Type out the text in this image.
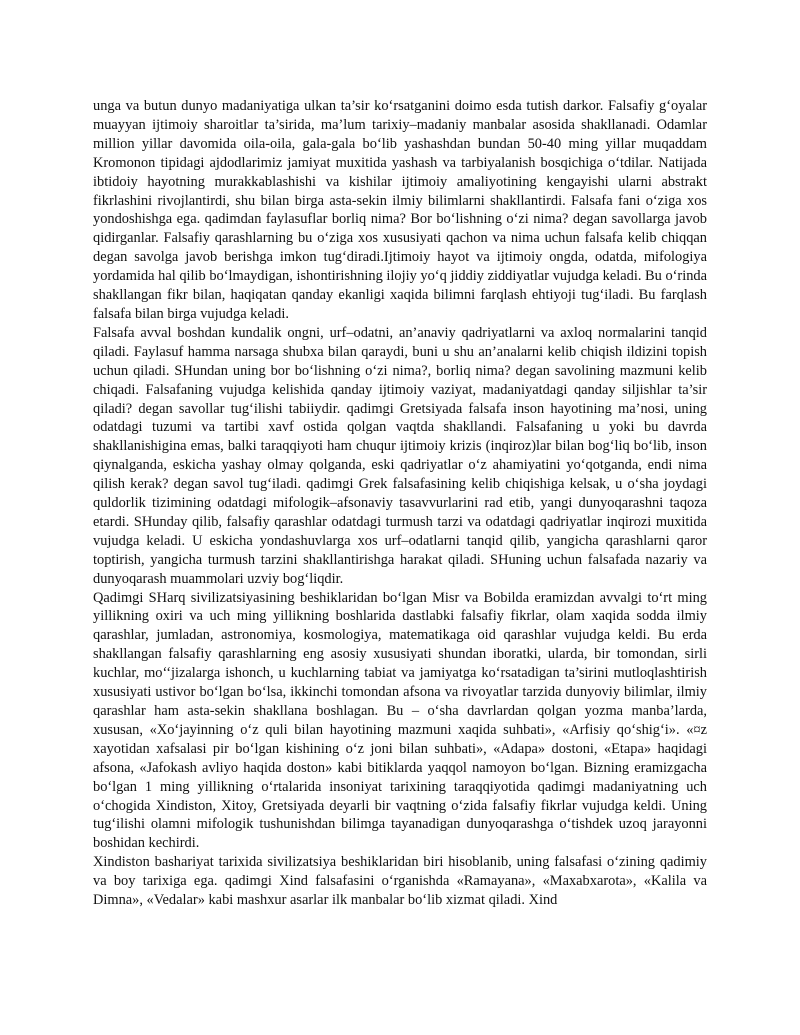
unga va butun dunyo madaniyatiga ulkan ta’sir ko‘rsatganini doimo esda tutish darkor. Falsafiy g‘oyalar muayyan ijtimoiy sharoitlar ta’sirida, ma’lum tarixiy–madaniy manbalar asosida shakllanadi. Odamlar million yillar davomida oila-oila, gala-gala bo‘lib yashashdan bundan 50-40 ming yillar muqaddam Kromonon tipidagi ajdodlarimiz jamiyat muxitida yashash va tarbiyalanish bosqichiga o‘tdilar. Natijada ibtidoiy hayotning murakkablashishi va kishilar ijtimoiy amaliyotining kengayishi ularni abstrakt fikrlashini rivojlantirdi, shu bilan birga asta-sekin ilmiy bilimlarni shakllantirdi. Falsafa fani o‘ziga xos yondoshishga ega. qadimdan faylasuflar borliq nima? Bor bo‘lishning o‘zi nima? degan savollarga javob qidirganlar. Falsafiy qarashlarning bu o‘ziga xos xususiyati qachon va nima uchun falsafa kelib chiqqan degan savolga javob berishga imkon tug‘diradi.Ijtimoiy hayot va ijtimoiy ongda, odatda, mifologiya yordamida hal qilib bo‘lmaydigan, ishontirishning ilojiy yo‘q jiddiy ziddiyatlar vujudga keladi. Bu o‘rinda shakllangan fikr bilan, haqiqatan qanday ekanligi xaqida bilimni farqlash ehtiyoji tug‘iladi. Bu farqlash falsafa bilan birga vujudga keladi.

Falsafa avval boshdan kundalik ongni, urf–odatni, an’anaviy qadriyatlarni va axloq normalarini tanqid qiladi. Faylasuf hamma narsaga shubxa bilan qaraydi, buni u shu an’analarni kelib chiqish ildizini topish uchun qiladi. SHundan uning bor bo‘lishning o‘zi nima?, borliq nima? degan savolining mazmuni kelib chiqadi. Falsafaning vujudga kelishida qanday ijtimoiy vaziyat, madaniyatdagi qanday siljishlar ta’sir qiladi? degan savollar tug‘ilishi tabiiydir. qadimgi Gretsiyada falsafa inson hayotining ma’nosi, uning odatdagi tuzumi va tartibi xavf ostida qolgan vaqtda shakllandi. Falsafaning u yoki bu davrda shakllanishigina emas, balki taraqqiyoti ham chuqur ijtimoiy krizis (inqiroz)lar bilan bog‘liq bo‘lib, inson qiynalganda, eskicha yashay olmay qolganda, eski qadriyatlar o‘z ahamiyatini yo‘qotganda, endi nima qilish kerak? degan savol tug‘iladi. qadimgi Grek falsafasining kelib chiqishiga kelsak, u o‘sha joydagi quldorlik tizimining odatdagi mifologik–afsonaviy tasavvurlarini rad etib, yangi dunyoqarashni taqoza etardi. SHunday qilib, falsafiy qarashlar odatdagi turmush tarzi va odatdagi qadriyatlar inqirozi muxitida vujudga keladi. U eskicha yondashuvlarga xos urf–odatlarni tanqid qilib, yangicha qarashlarni qaror toptirish, yangicha turmush tarzini shakllantirishga harakat qiladi. SHuning uchun falsafada nazariy va dunyoqarash muammolari uzviy bog‘liqdir.

Qadimgi SHarq sivilizatsiyasining beshiklaridan bo‘lgan Misr va Bobilda eramizdan avvalgi to‘rt ming yillikning oxiri va uch ming yillikning boshlarida dastlabki falsafiy fikrlar, olam xaqida sodda ilmiy qarashlar, jumladan, astronomiya, kosmologiya, matematikaga oid qarashlar vujudga keldi. Bu erda shakllangan falsafiy qarashlarning eng asosiy xususiyati shundan iboratki, ularda, bir tomondan, sirli kuchlar, mo‘‘jizalarga ishonch, u kuchlarning tabiat va jamiyatga ko‘rsatadigan ta’sirini mutloqlashtirish xususiyati ustivor bo‘lgan bo‘lsa, ikkinchi tomondan afsona va rivoyatlar tarzida dunyoviy bilimlar, ilmiy qarashlar ham asta-sekin shakllana boshlagan. Bu – o‘sha davrlardan qolgan yozma manba’larda, xususan, «Xo‘jayinning o‘z quli bilan hayotining mazmuni xaqida suhbati», «Arfisiy qo‘shig‘i». «¤z xayotidan xafsalasi pir bo‘lgan kishining o‘z joni bilan suhbati», «Adapa» dostoni, «Etapa» haqidagi afsona, «Jafokash avliyo haqida doston» kabi bitiklarda yaqqol namoyon bo‘lgan. Bizning eramizgacha bo‘lgan 1 ming yillikning o‘rtalarida insoniyat tarixining taraqqiyotida qadimgi madaniyatning uch o‘chogida Xindiston, Xitoy, Gretsiyada deyarli bir vaqtning o‘zida falsafiy fikrlar vujudga keldi. Uning tug‘ilishi olamni mifologik tushunishdan bilimga tayanadigan dunyoqarashga o‘tishdek uzoq jarayonni boshidan kechirdi.

Xindiston bashariyat tarixida sivilizatsiya beshiklaridan biri hisoblanib, uning falsafasi o‘zining qadimiy va boy tarixiga ega. qadimgi Xind falsafasini o‘rganishda «Ramayana», «Maxabxarota», «Kalila va Dimna», «Vedalar» kabi mashxur asarlar ilk manbalar bo‘lib xizmat qiladi. Xind
